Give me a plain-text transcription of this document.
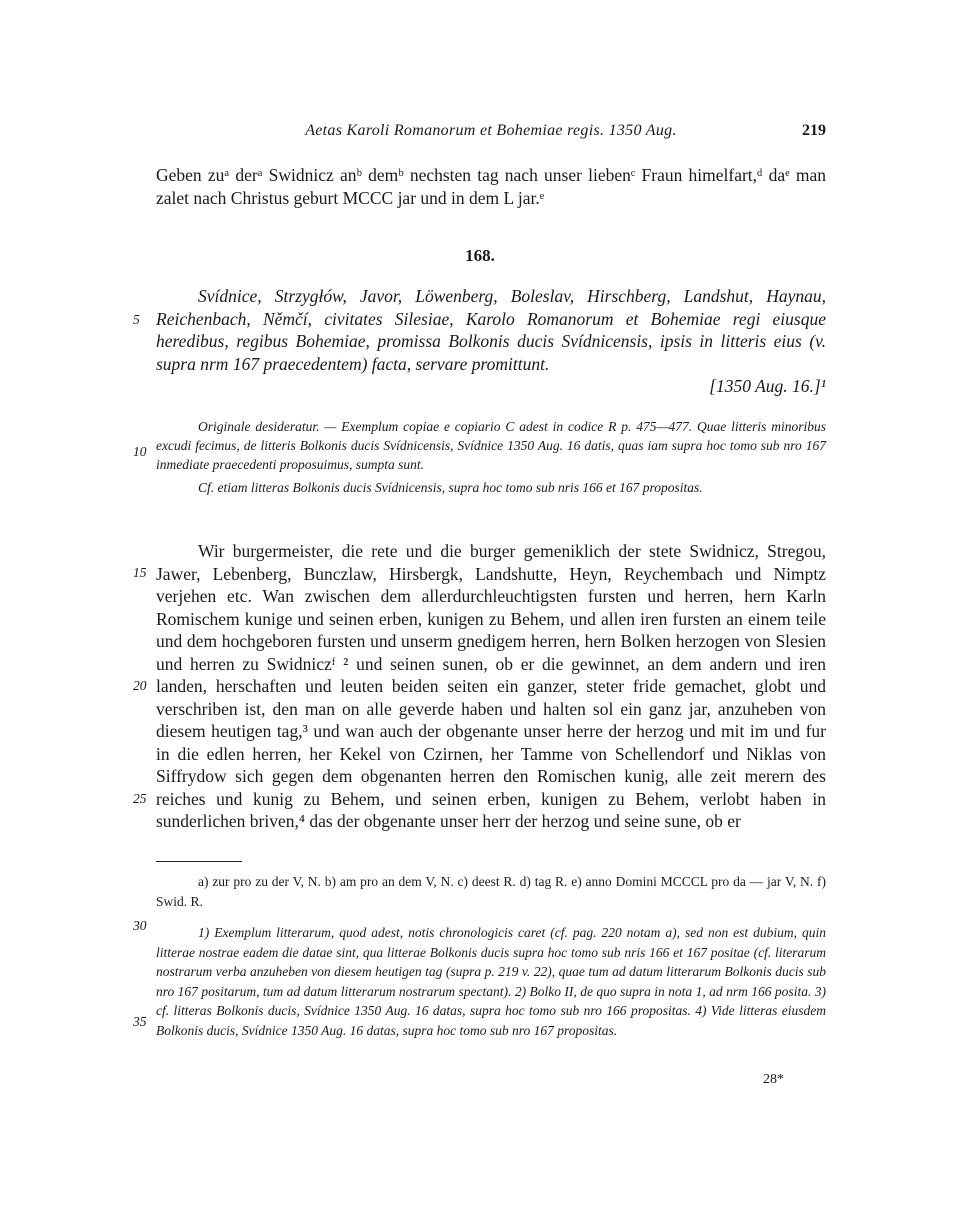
Aetas Karoli Romanorum et Bohemiae regis. 1350 Aug.	219
Geben zuᵃ derᵃ Swidnicz anᵇ demᵇ nechsten tag nach unser liebenᶜ Fraun himelfart,ᵈ daᵉ man zalet nach Christus geburt MCCC jar und in dem L jar.ᵉ
168.

Svídnice, Strzygłów, Javor, Löwenberg, Boleslav, Hirschberg, Landshut, Haynau, Reichenbach, Němčí, civitates Silesiae, Karolo Romanorum et Bohemiae regi eiusque heredibus, regibus Bohemiae, promissa Bolkonis ducis Svídnicensis, ipsis in litteris eius (v. supra nrm 167 praecedentem) facta, servare promittunt.

[1350 Aug. 16.]¹

Originale desideratur. — Exemplum copiae e copiario C adest in codice R p. 475—477. Quae litteris minoribus excudi fecimus, de litteris Bolkonis ducis Svídnicensis, Svídnice 1350 Aug. 16 datis, quas iam supra hoc tomo sub nro 167 inmediate praecedenti proposuimus, sumpta sunt.

Cf. etiam litteras Bolkonis ducis Svídnicensis, supra hoc tomo sub nris 166 et 167 propositas.

Wir burgermeister, die rete und die burger gemeniklich der stete Swidnicz, Stregou, Jawer, Lebenberg, Bunczlaw, Hirsbergk, Landshutte, Heyn, Reychembach und Nimptz verjehen etc. Wan zwischen dem allerdurchleuchtigsten fursten und herren, hern Karln Romischem kunige und seinen erben, kunigen zu Behem, und allen iren fursten an einem teile und dem hochgeboren fursten und unserm gnedigem herren, hern Bolken herzogen von Slesien und herren zu Swidniczᶠ ² und seinen sunen, ob er die gewinnet, an dem andern und iren landen, herschaften und leuten beiden seiten ein ganzer, steter fride gemachet, globt und verschriben ist, den man on alle geverde haben und halten sol ein ganz jar, anzuheben von diesem heutigen tag,³ und wan auch der obgenante unser herre der herzog und mit im und fur in die edlen herren, her Kekel von Czirnen, her Tamme von Schellendorf und Niklas von Siffrydow sich gegen dem obgenanten herren den Romischen kunig, alle zeit merern des reiches und kunig zu Behem, und seinen erben, kunigen zu Behem, verlobt haben in sunderlichen briven,⁴ das der obgenante unser herr der herzog und seine sune, ob er

a) zur pro zu der V, N. b) am pro an dem V, N. c) deest R. d) tag R. e) anno Domini MCCCL pro da — jar V, N. f) Swid. R.

1) Exemplum litterarum, quod adest, notis chronologicis caret (cf. pag. 220 notam a), sed non est dubium, quin litterae nostrae eadem die datae sint, qua litterae Bolkonis ducis supra hoc tomo sub nris 166 et 167 positae (cf. literarum nostrarum verba anzuheben von diesem heutigen tag (supra p. 219 v. 22), quae tum ad datum litterarum Bolkonis ducis sub nro 167 positarum, tum ad datum litterarum nostrarum spectant). 2) Bolko II, de quo supra in nota 1, ad nrm 166 posita. 3) cf. litteras Bolkonis ducis, Svídnice 1350 Aug. 16 datas, supra hoc tomo sub nro 166 propositas. 4) Vide litteras eiusdem Bolkonis ducis, Svídnice 1350 Aug. 16 datas, supra hoc tomo sub nro 167 propositas.

5
10
15
20
25
30
35
28*
